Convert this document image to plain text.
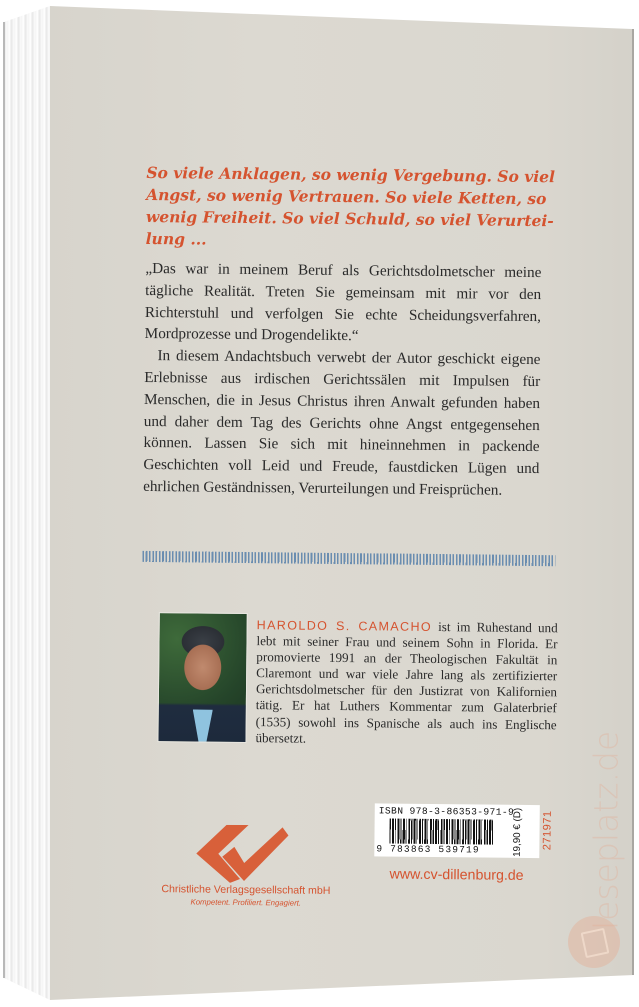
So viele Anklagen, so wenig Vergebung. So viel Angst, so wenig Vertrauen. So viele Ketten, so wenig Freiheit. So viel Schuld, so viel Verurteilung ...

„Das war in meinem Beruf als Gerichtsdolmetscher meine tägliche Realität. Treten Sie gemeinsam mit mir vor den Richterstuhl und verfolgen Sie echte Scheidungsverfahren, Mordprozesse und Drogendelikte.“

In diesem Andachtsbuch verwebt der Autor geschickt eigene Erlebnisse aus irdischen Gerichtssälen mit Impulsen für Menschen, die in Jesus Christus ihren Anwalt gefunden haben und daher dem Tag des Gerichts ohne Angst entgegensehen können. Lassen Sie sich mit hineinnehmen in packende Geschichten voll Leid und Freude, faustdicken Lügen und ehrlichen Geständnissen, Verurteilungen und Freisprüchen.

HAROLDO S. CAMACHO ist im Ruhestand und lebt mit seiner Frau und seinem Sohn in Florida. Er promovierte 1991 an der Theologischen Fakultät in Claremont und war viele Jahre lang als zertifizierter Gerichtsdolmetscher für den Justizrat von Kalifornien tätig. Er hat Luthers Kommentar zum Galaterbrief (1535) sowohl ins Spanische als auch ins Englische übersetzt.

ISBN 978-3-86353-971-9
9 783863 539719	19,90 € (D) 271971
www.cv-dillenburg.de
Christliche Verlagsgesellschaft mbH
Kompetent. Profiliert. Engagiert.	leseplatz.de
